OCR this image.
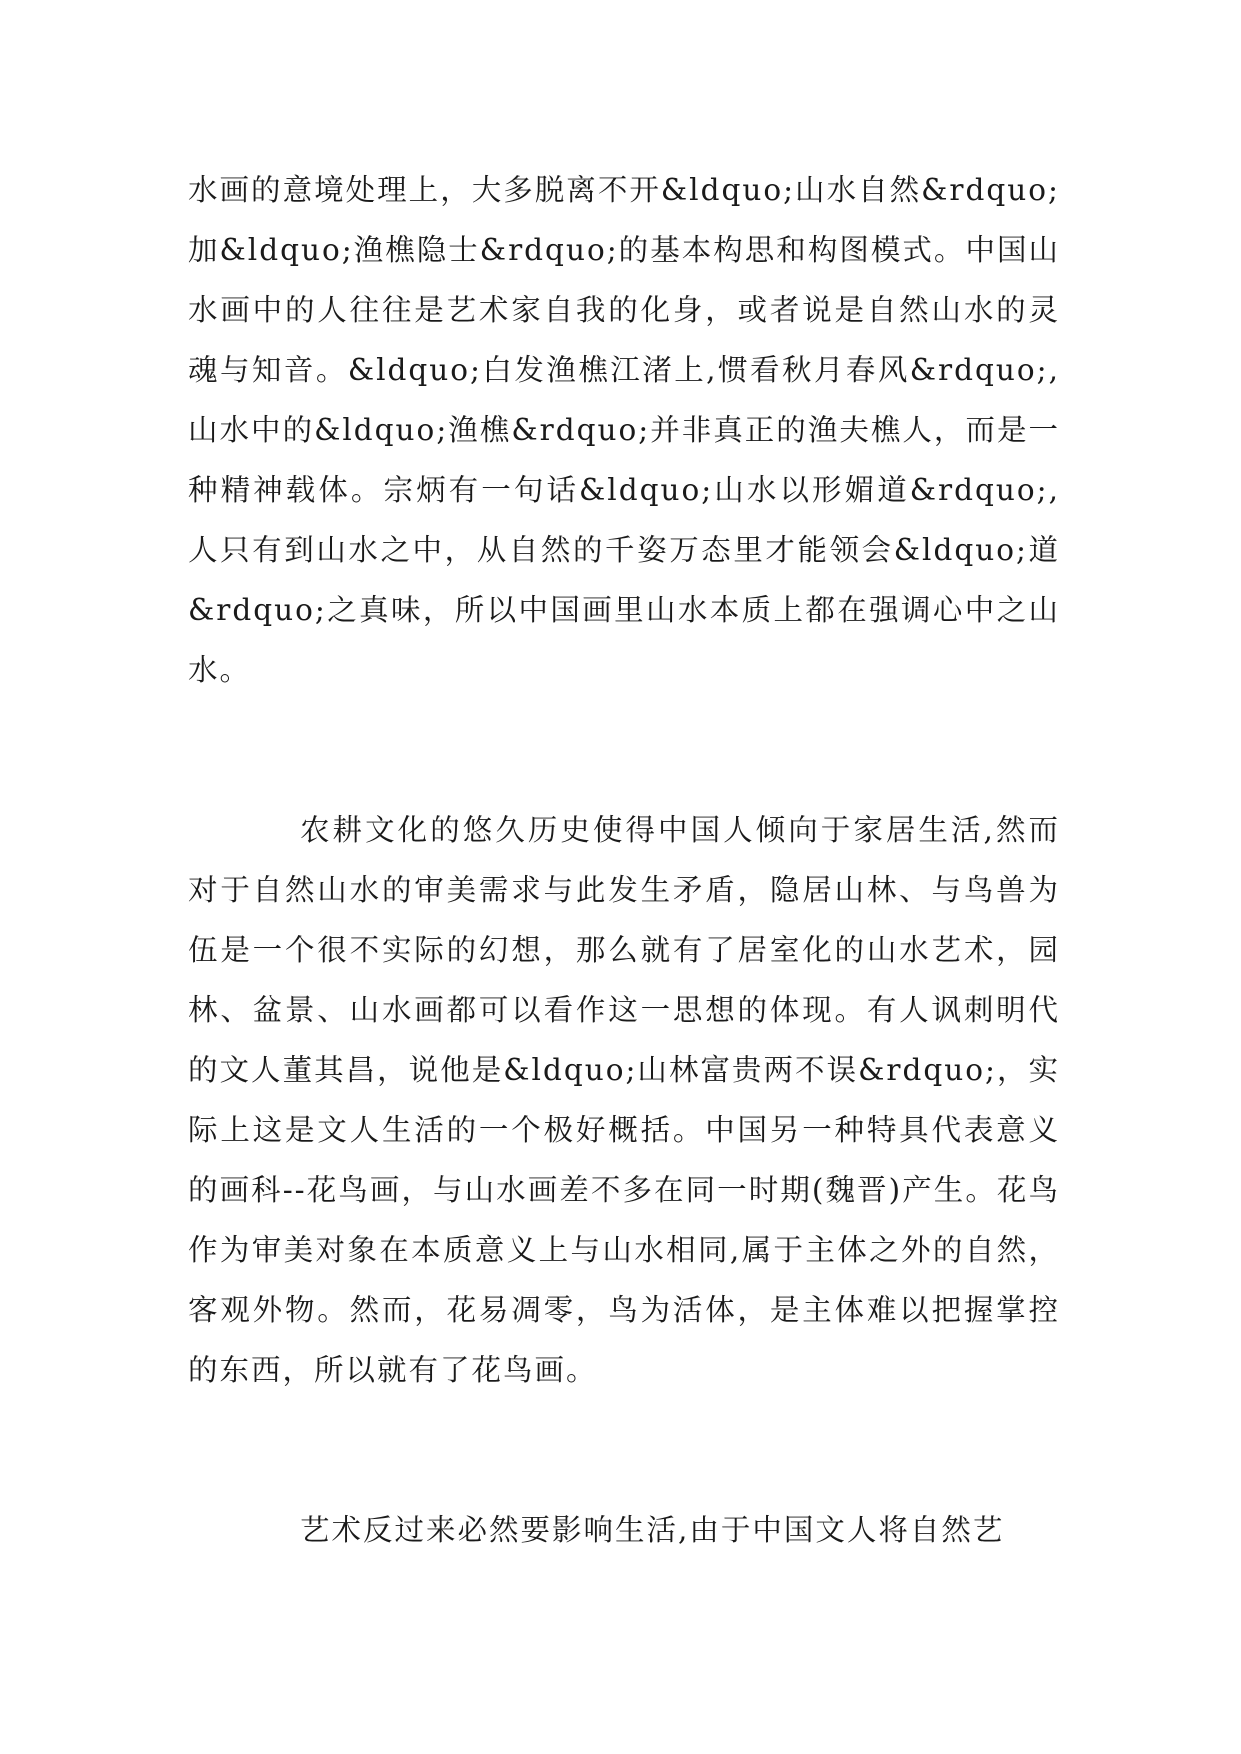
水画的意境处理上，大多脱离不开&ldquo;山水自然&rdquo;加&ldquo;渔樵隐士&rdquo;的基本构思和构图模式。中国山水画中的人往往是艺术家自我的化身，或者说是自然山水的灵魂与知音。&ldquo;白发渔樵江渚上,惯看秋月春风&rdquo;,山水中的&ldquo;渔樵&rdquo;并非真正的渔夫樵人，而是一种精神载体。宗炳有一句话&ldquo;山水以形媚道&rdquo;,人只有到山水之中，从自然的千姿万态里才能领会&ldquo;道&rdquo;之真味，所以中国画里山水本质上都在强调心中之山水。

农耕文化的悠久历史使得中国人倾向于家居生活,然而对于自然山水的审美需求与此发生矛盾，隐居山林、与鸟兽为伍是一个很不实际的幻想，那么就有了居室化的山水艺术，园林、盆景、山水画都可以看作这一思想的体现。有人讽刺明代的文人董其昌，说他是&ldquo;山林富贵两不误&rdquo;，实际上这是文人生活的一个极好概括。中国另一种特具代表意义的画科--花鸟画，与山水画差不多在同一时期(魏晋)产生。花鸟作为审美对象在本质意义上与山水相同,属于主体之外的自然，客观外物。然而，花易凋零，鸟为活体，是主体难以把握掌控的东西，所以就有了花鸟画。

艺术反过来必然要影响生活,由于中国文人将自然艺
